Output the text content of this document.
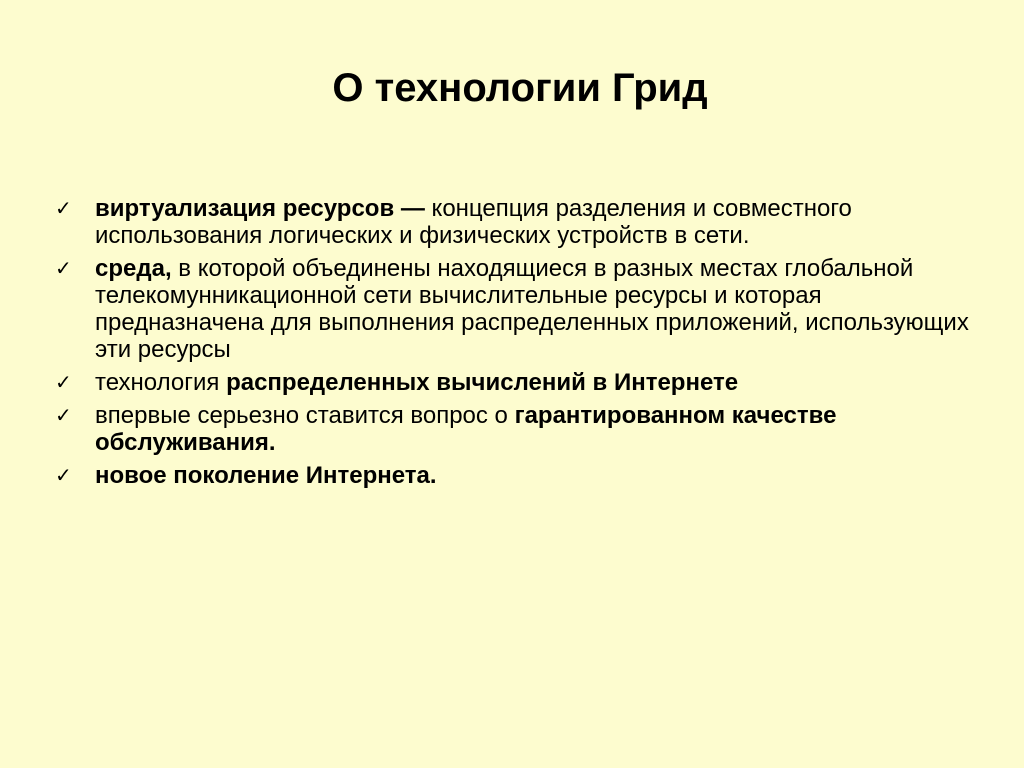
О технологии Грид
✓ виртуализация ресурсов — концепция разделения и совместного использования логических и физических устройств в сети.
✓ среда, в которой объединены находящиеся в разных местах глобальной телекомунникационной сети вычислительные ресурсы и которая предназначена для выполнения распределенных приложений, использующих эти ресурсы
✓ технология распределенных вычислений в Интернете
✓ впервые серьезно ставится вопрос о гарантированном качестве обслуживания.
✓ новое поколение Интернета.
